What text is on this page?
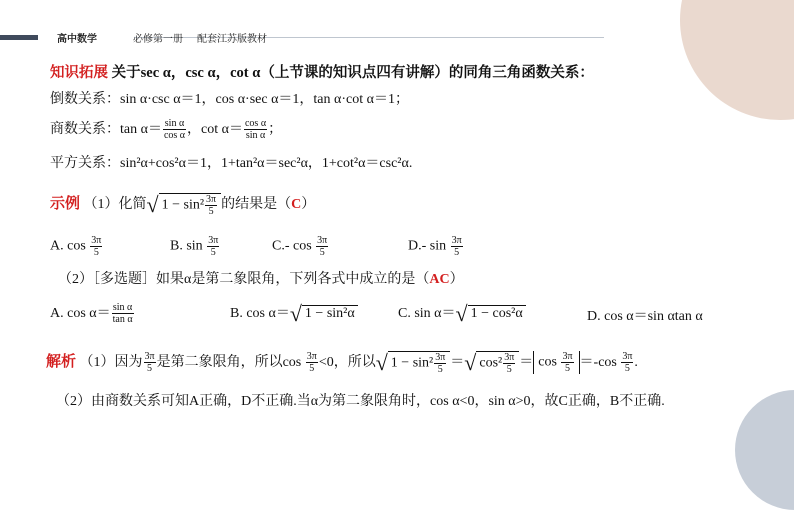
高中数学	必修第一册 配套江苏版教材
知识拓展 关于sec α，csc α，cot α（上节课的知识点四有讲解）的同角三角函数关系：
倒数关系：sin α·csc α＝1，cos α·sec α＝1，tan α·cot α＝1；
商数关系：$\tan \alpha= \frac{\text{sin α}}{\text{cos α}}$ ，$\cot \alpha= \frac{\text{cos α}}{\text{sin α}}$ ；
平方关系：sin²α+cos²α＝1，1+tan²α＝sec²α，1+cot²α＝csc²α.
示例 （1）化简√ $1 - \sin^2 \frac{3\pi}{5}$ 的结果是（C）
A. $\cos \frac{3\pi}{5}$	B. $\sin \frac{3\pi}{5}$	C.- $\cos \frac{3\pi}{5}$	D.- $\sin \frac{3\pi}{5}$
（2）［多选题］如果α是第二象限角，下列各式中成立的是（AC）
A. $\cos \alpha= \frac{\text{sin α}}{\text{tan α}}$	B. cos α＝√ 1 − sin²α	C. sin α＝√ 1 − cos²α	D. cos α＝sin αtan α
解析 （1）因为 $\frac{3\pi}{5}$ 是第二象限角，所以$\cos \frac{3\pi}{5} <0$，所以√ $1 - \sin^2 \frac{3\pi}{5}$ ＝√ $\cos^2 \frac{3\pi}{5} = \cos \frac{3\pi}{5} =-\cos \frac{3\pi}{5}$ .
（2）由商数关系可知A正确，D不正确.当α为第二象限角时，cos α<0，sin α>0，故C正确，B不正确.
